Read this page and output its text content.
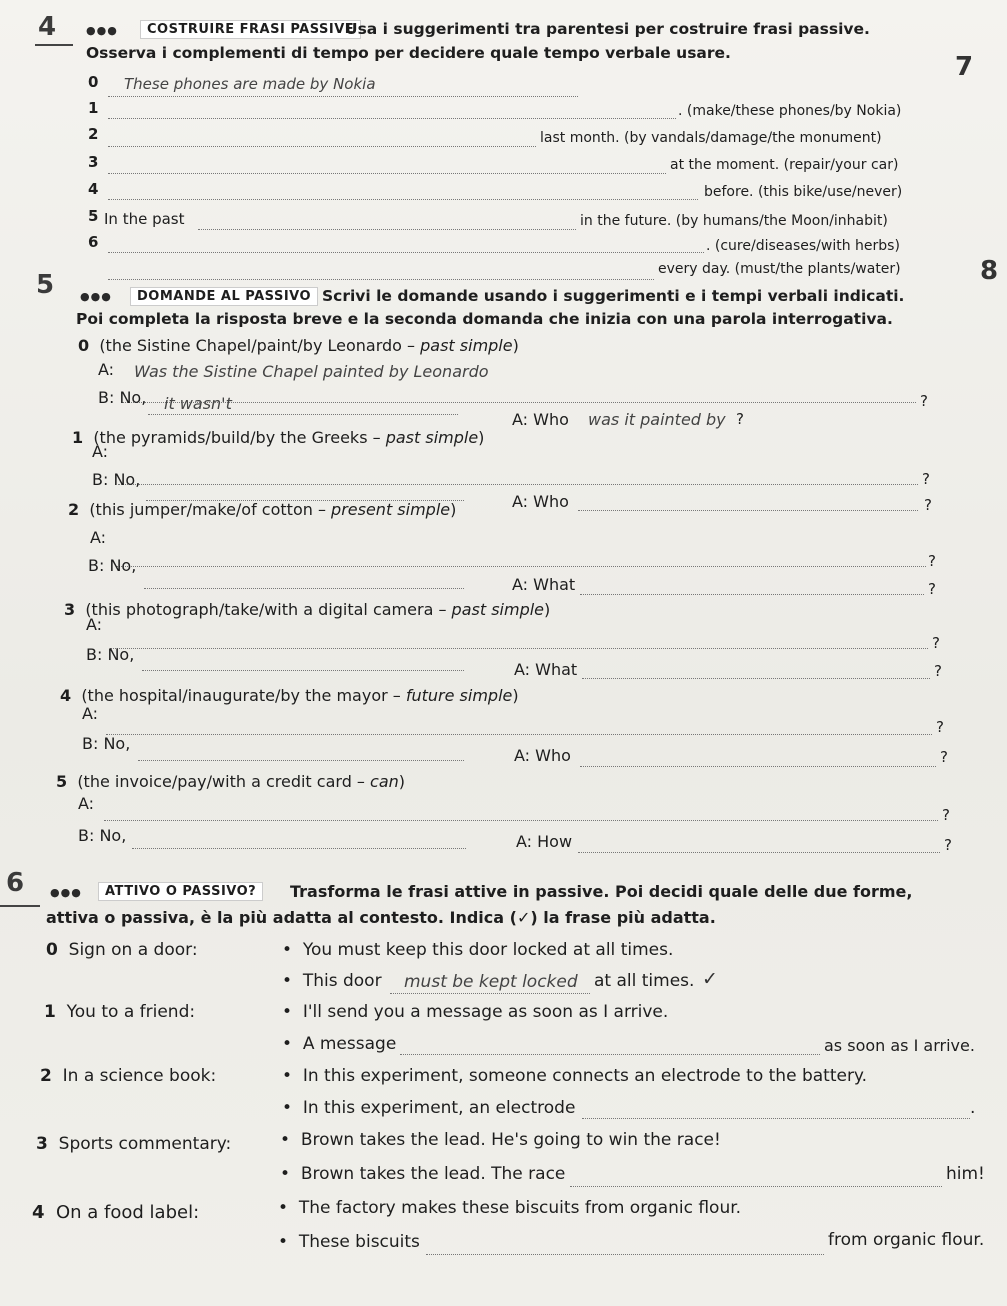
4	●●●	COSTRUIRE FRASI PASSIVE
Usa i suggerimenti tra parentesi per costruire frasi passive.
Osserva i complementi di tempo per decidere quale tempo verbale usare.
0 These phones are made by Nokia
1	. (make/these phones/by Nokia)
2	last month. (by vandals/damage/the monument)
3	at the moment. (repair/your car)
4	before. (this bike/use/never)
5 In the past	in the future. (by humans/the Moon/inhabit)
6	. (cure/diseases/with herbs)
every day. (must/the plants/water)
7
8
5 ●●●	DOMANDE AL PASSIVO Scrivi le domande usando i suggerimenti e i tempi verbali indicati.
Poi completa la risposta breve e la seconda domanda che inizia con una parola interrogativa.
0 (the Sistine Chapel/paint/by Leonardo – past simple)
A: Was the Sistine Chapel painted by Leonardo
?
B: No, it wasn't
A: Who was it painted by ?
1 (the pyramids/build/by the Greeks – past simple)
A:
?
B: No,
A: Who	?
2 (this jumper/make/of cotton – present simple)
A:
?
B: No,
A: What	?
3 (this photograph/take/with a digital camera – past simple)
A:
?
B: No,
A: What	?
4 (the hospital/inaugurate/by the mayor – future simple)
A:
?
B: No,
A: Who	?
5 (the invoice/pay/with a credit card – can)
A:
?
B: No,	A: How	?
6 ●●●	ATTIVO O PASSIVO?	Trasforma le frasi attive in passive. Poi decidi quale delle due forme,
attiva o passiva, è la più adatta al contesto. Indica (✓) la frase più adatta.
0 Sign on a door:	•  You must keep this door locked at all times.
•  This door must be kept locked at all times. ✓
1 You to a friend:	•  I'll send you a message as soon as I arrive.
•  A message	as soon as I arrive.
2 In a science book:	•  In this experiment, someone connects an electrode to the battery.
•  In this experiment, an electrode	.
3 Sports commentary:	•  Brown takes the lead. He's going to win the race!
•  Brown takes the lead. The race	him!
4 On a food label:	•  The factory makes these biscuits from organic flour.
•  These biscuits	from organic flour.
